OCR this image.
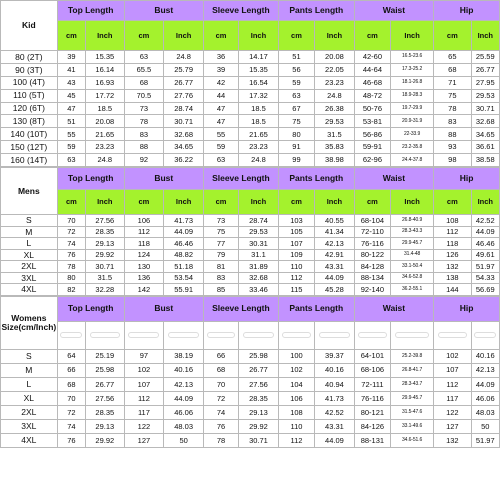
Kid	Top Length		Bust		Sleeve Length		Pants Length		Waist		Hip	
	cm	Inch	cm	Inch	cm	Inch	cm	Inch	cm	Inch	cm	Inch
80 (2T)	39	15.35	63	24.8	36	14.17	51	20.08	42-60	16.5-23.6	65	25.59
90 (3T)	41	16.14	65.5	25.79	39	15.35	56	22.05	44-64	17.3-25.2	68	26.77
100 (4T)	43	16.93	68	26.77	42	16.54	59	23.23	46-68	18.1-26.8	71	27.95
110 (5T)	45	17.72	70.5	27.76	44	17.32	63	24.8	48-72	18.9-28.3	75	29.53
120 (6T)	47	18.5	73	28.74	47	18.5	67	26.38	50-76	19.7-29.9	78	30.71
130 (8T)	51	20.08	78	30.71	47	18.5	75	29.53	53-81	20.9-31.9	83	32.68
140 (10T)	55	21.65	83	32.68	55	21.65	80	31.5	56-86	22-33.9	88	34.65
150 (12T)	59	23.23	88	34.65	59	23.23	91	35.83	59-91	23.2-35.8	93	36.61
160 (14T)	63	24.8	92	36.22	63	24.8	99	38.98	62-96	24.4-37.8	98	38.58
Mens	Top Length		Bust		Sleeve Length		Pants Length		Waist		Hip	
	cm	Inch	cm	Inch	cm	Inch	cm	Inch	cm	Inch	cm	Inch
S	70	27.56	106	41.73	73	28.74	103	40.55	68-104	26.8-40.9	108	42.52
M	72	28.35	112	44.09	75	29.53	105	41.34	72-110	28.3-43.3	112	44.09
L	74	29.13	118	46.46	77	30.31	107	42.13	76-116	29.9-45.7	118	46.46
XL	76	29.92	124	48.82	79	31.1	109	42.91	80-122	31.4-48	126	49.61
2XL	78	30.71	130	51.18	81	31.89	110	43.31	84-128	33.1-50.4	132	51.97
3XL	80	31.5	136	53.54	83	32.68	112	44.09	88-134	34.6-52.8	138	54.33
4XL	82	32.28	142	55.91	85	33.46	115	45.28	92-140	36.2-55.1	144	56.69
Womens
Size(cm/Inch)	Top Length		Bust		Sleeve Length		Pants Length		Waist		Hip	

S	64	25.19	97	38.19	66	25.98	100	39.37	64-101	25.2-39.8	102	40.16
M	66	25.98	102	40.16	68	26.77	102	40.16	68-106	26.8-41.7	107	42.13
L	68	26.77	107	42.13	70	27.56	104	40.94	72-111	28.3-43.7	112	44.09
XL	70	27.56	112	44.09	72	28.35	106	41.73	76-116	29.9-45.7	117	46.06
2XL	72	28.35	117	46.06	74	29.13	108	42.52	80-121	31.5-47.6	122	48.03
3XL	74	29.13	122	48.03	76	29.92	110	43.31	84-126	33.1-49.6	127	50
4XL	76	29.92	127	50	78	30.71	112	44.09	88-131	34.6-51.6	132	51.97
